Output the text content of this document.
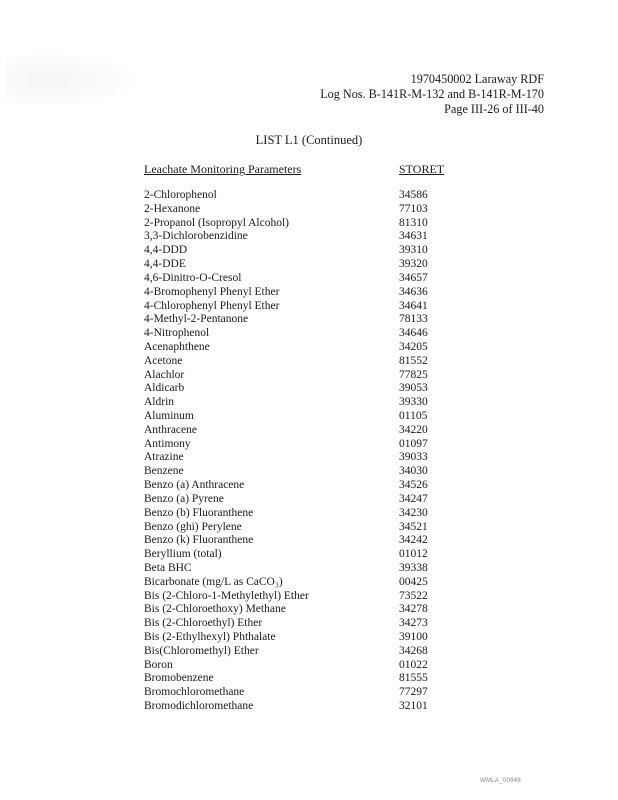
1970450002 Laraway RDF
Log Nos. B-141R-M-132 and B-141R-M-170
Page III-26 of III-40
LIST L1 (Continued)
Leachate Monitoring Parameters	STORET
2-Chlorophenol	34586
2-Hexanone	77103
2-Propanol (Isopropyl Alcohol)	81310
3,3-Dichlorobenzidine	34631
4,4-DDD	39310
4,4-DDE	39320
4,6-Dinitro-O-Cresol	34657
4-Bromophenyl Phenyl Ether	34636
4-Chlorophenyl Phenyl Ether	34641
4-Methyl-2-Pentanone	78133
4-Nitrophenol	34646
Acenaphthene	34205
Acetone	81552
Alachlor	77825
Aldicarb	39053
Aldrin	39330
Aluminum	01105
Anthracene	34220
Antimony	01097
Atrazine	39033
Benzene	34030
Benzo (a) Anthracene	34526
Benzo (a) Pyrene	34247
Benzo (b) Fluoranthene	34230
Benzo (ghi) Perylene	34521
Benzo (k) Fluoranthene	34242
Beryllium (total)	01012
Beta BHC	39338
Bicarbonate (mg/L as CaCO₃)	00425
Bis (2-Chloro-1-Methylethyl) Ether	73522
Bis (2-Chloroethoxy) Methane	34278
Bis (2-Chloroethyl) Ether	34273
Bis (2-Ethylhexyl) Phthalate	39100
Bis(Chloromethyl) Ether	34268
Boron	01022
Bromobenzene	81555
Bromochloromethane	77297
Bromodichloromethane	32101
WMLA_00848
